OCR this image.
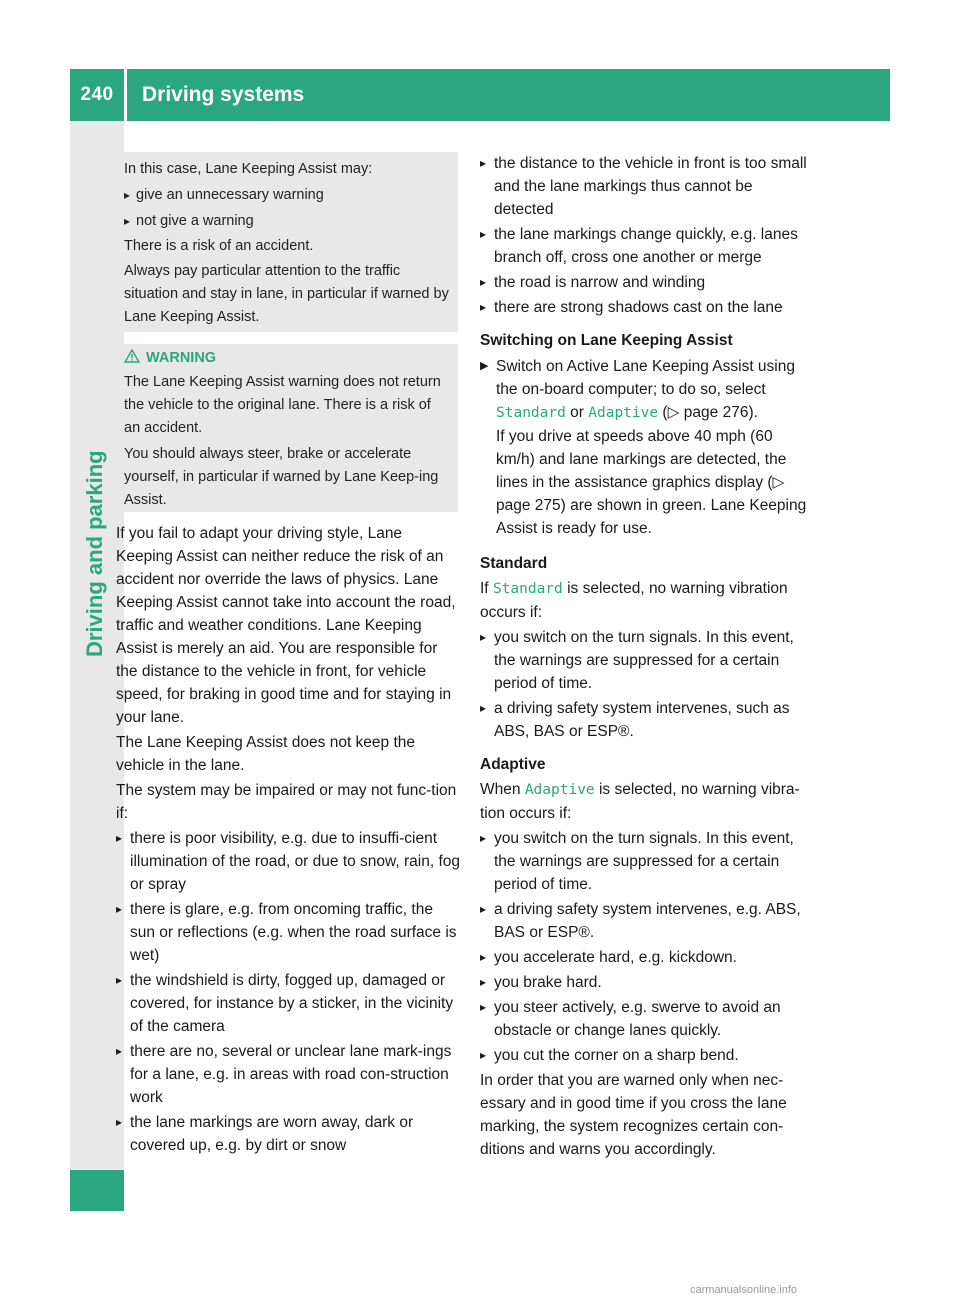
240	Driving systems
Driving and parking

In this case, Lane Keeping Assist may:

▸ give an unnecessary warning

▸ not give a warning

There is a risk of an accident.

Always pay particular attention to the traffic situation and stay in lane, in particular if warned by Lane Keeping Assist.

WARNING

The Lane Keeping Assist warning does not return the vehicle to the original lane. There is a risk of an accident.

You should always steer, brake or accelerate yourself, in particular if warned by Lane Keep-ing Assist.

If you fail to adapt your driving style, Lane Keeping Assist can neither reduce the risk of an accident nor override the laws of physics. Lane Keeping Assist cannot take into account the road, traffic and weather conditions. Lane Keeping Assist is merely an aid. You are responsible for the distance to the vehicle in front, for vehicle speed, for braking in good time and for staying in your lane.

The Lane Keeping Assist does not keep the vehicle in the lane.

The system may be impaired or may not func-tion if:

▸ there is poor visibility, e.g. due to insuffi-cient illumination of the road, or due to snow, rain, fog or spray

▸ there is glare, e.g. from oncoming traffic, the sun or reflections (e.g. when the road surface is wet)

▸ the windshield is dirty, fogged up, damaged or covered, for instance by a sticker, in the vicinity of the camera

▸ there are no, several or unclear lane mark-ings for a lane, e.g. in areas with road con-struction work

▸ the lane markings are worn away, dark or covered up, e.g. by dirt or snow

▸ the distance to the vehicle in front is too small and the lane markings thus cannot be detected

▸ the lane markings change quickly, e.g. lanes branch off, cross one another or merge

▸ the road is narrow and winding

▸ there are strong shadows cast on the lane

Switching on Lane Keeping Assist

▶ Switch on Active Lane Keeping Assist using the on-board computer; to do so, select Standard or Adaptive (▷ page 276).

If you drive at speeds above 40 mph (60 km/h) and lane markings are detected, the lines in the assistance graphics display (▷ page 275) are shown in green. Lane Keeping Assist is ready for use.

Standard

If Standard is selected, no warning vibration occurs if:

▸ you switch on the turn signals. In this event, the warnings are suppressed for a certain period of time.

▸ a driving safety system intervenes, such as ABS, BAS or ESP®.

Adaptive

When Adaptive is selected, no warning vibra-tion occurs if:

▸ you switch on the turn signals. In this event, the warnings are suppressed for a certain period of time.

▸ a driving safety system intervenes, e.g. ABS, BAS or ESP®.

▸ you accelerate hard, e.g. kickdown.

▸ you brake hard.

▸ you steer actively, e.g. swerve to avoid an obstacle or change lanes quickly.

▸ you cut the corner on a sharp bend.

In order that you are warned only when nec-essary and in good time if you cross the lane marking, the system recognizes certain con-ditions and warns you accordingly.

carmanualsonline.info
